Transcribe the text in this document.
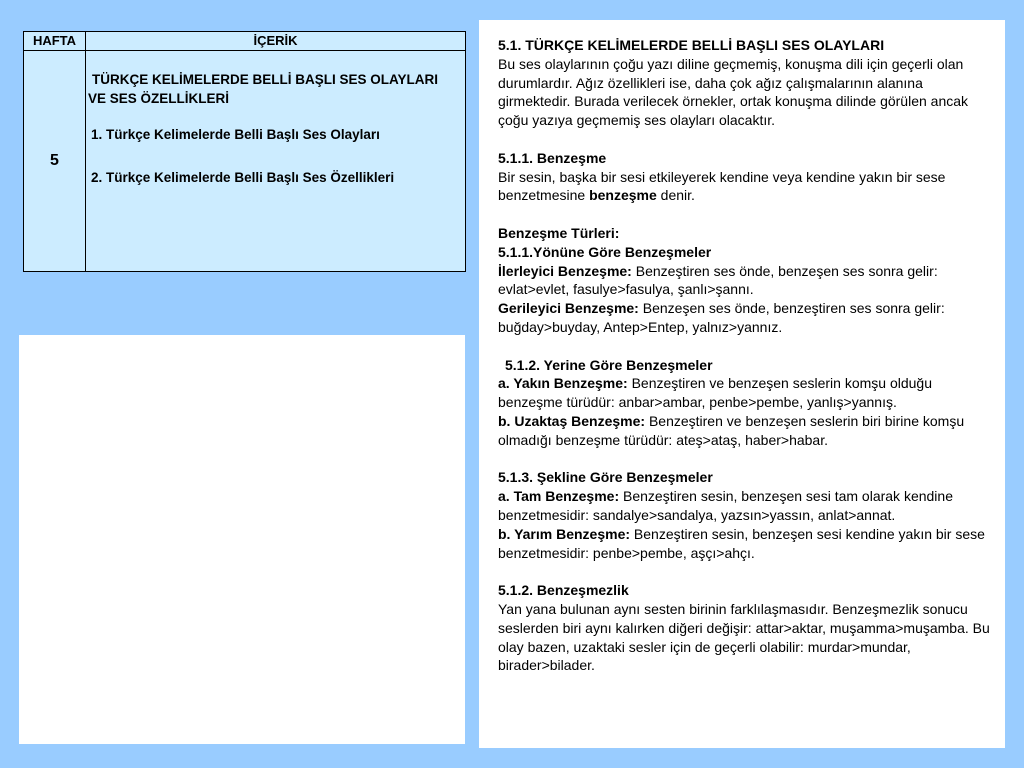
HAFTA	İÇERİK
5
TÜRKÇE KELİMELERDE BELLİ BAŞLI SES OLAYLARI VE SES ÖZELLİKLERİ
1. Türkçe Kelimelerde Belli Başlı Ses Olayları
2. Türkçe Kelimelerde Belli Başlı Ses Özellikleri

5.1. TÜRKÇE KELİMELERDE BELLİ BAŞLI SES OLAYLARI

Bu ses olaylarının çoğu yazı diline geçmemiş, konuşma dili için geçerli olan durumlardır. Ağız özellikleri ise, daha çok ağız çalışmalarının alanına girmektedir. Burada verilecek örnekler, ortak konuşma dilinde görülen ancak çoğu yazıya geçmemiş ses olayları olacaktır.

5.1.1. Benzeşme

Bir sesin, başka bir sesi etkileyerek kendine veya kendine yakın bir sese benzetmesine benzeşme denir.

Benzeşme Türleri:

5.1.1.Yönüne Göre Benzeşmeler

İlerleyici Benzeşme: Benzeştiren ses önde, benzeşen ses sonra gelir: evlat>evlet, fasulye>fasulya, şanlı>şannı.

Gerileyici Benzeşme: Benzeşen ses önde, benzeştiren ses sonra gelir: buğday>buyday, Antep>Entep, yalnız>yannız.

5.1.2. Yerine Göre Benzeşmeler

a. Yakın Benzeşme: Benzeştiren ve benzeşen seslerin komşu olduğu benzeşme türüdür: anbar>ambar, penbe>pembe, yanlış>yannış.

b. Uzaktaş Benzeşme: Benzeştiren ve benzeşen seslerin biri birine komşu olmadığı benzeşme türüdür: ateş>ataş, haber>habar.

5.1.3. Şekline Göre Benzeşmeler

a. Tam Benzeşme: Benzeştiren sesin, benzeşen sesi tam olarak kendine benzetmesidir: sandalye>sandalya, yazsın>yassın, anlat>annat.

b. Yarım Benzeşme: Benzeştiren sesin, benzeşen sesi kendine yakın bir sese benzetmesidir: penbe>pembe, aşçı>ahçı.

5.1.2. Benzeşmezlik

Yan yana bulunan aynı sesten birinin farklılaşmasıdır. Benzeşmezlik sonucu seslerden biri aynı kalırken diğeri değişir: attar>aktar, muşamma>muşamba. Bu olay bazen, uzaktaki sesler için de geçerli olabilir: murdar>mundar, birader>bilader.
